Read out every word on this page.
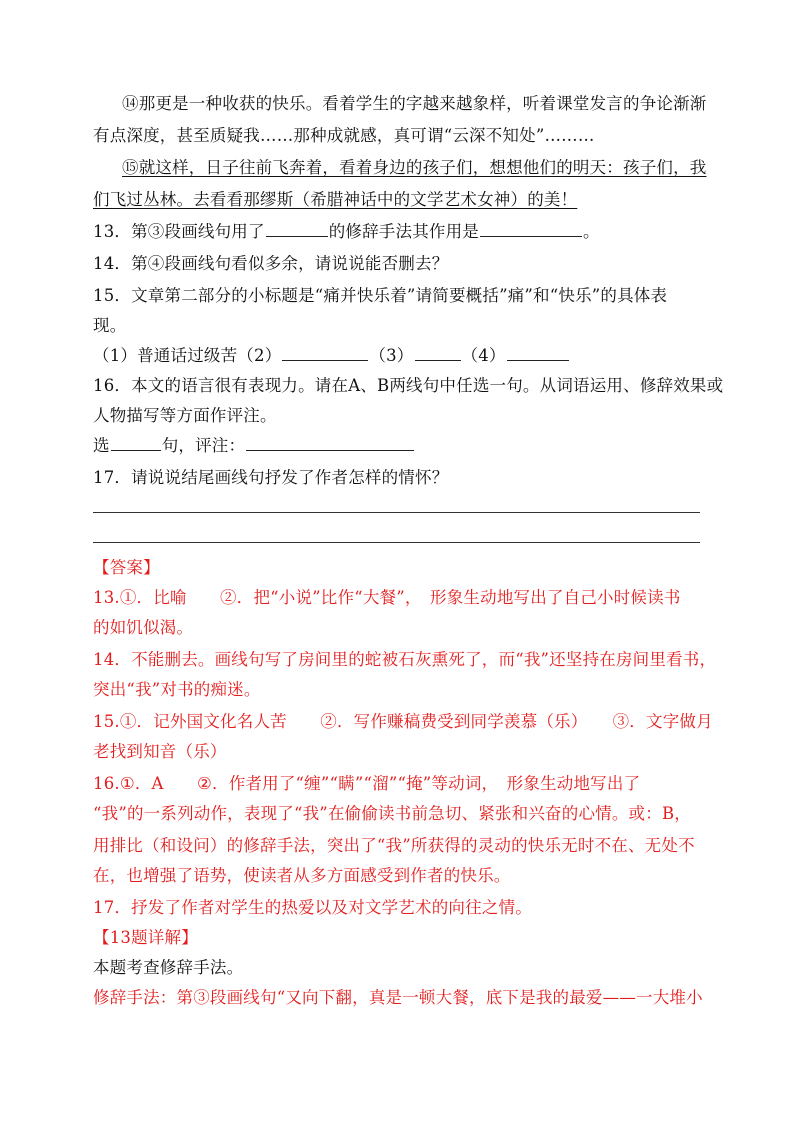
⑭那更是一种收获的快乐。看着学生的字越来越象样，听着课堂发言的争论渐渐
有点深度，甚至质疑我……那种成就感，真可谓“云深不知处”………
⑮就这样，日子往前飞奔着，看着身边的孩子们，想想他们的明天：孩子们，我
们飞过丛林。去看看那缪斯（希腊神话中的文学艺术女神）的美！
13．第③段画线句用了	的修辞手法其作用是	。
14．第④段画线句看似多余，请说说能否删去？
15．文章第二部分的小标题是“痛并快乐着”请简要概括”痛”和“快乐”的具体表
现。
（1）普通话过级苦（2）	（3）	（4）
16．本文的语言很有表现力。请在A、B两线句中任选一句。从词语运用、修辞效果或
人物描写等方面作评注。
选	句，评注：
17．请说说结尾画线句抒发了作者怎样的情怀？
【答案】
13.①．比喻　　②．把“小说”比作“大餐”，　形象生动地写出了自己小时候读书
的如饥似渴。
14．不能删去。画线句写了房间里的蛇被石灰熏死了，而“我”还坚持在房间里看书，
突出“我”对书的痴迷。
15.①．记外国文化名人苦　　②．写作赚稿费受到同学羡慕（乐）　　③．文字做月
老找到知音（乐）
16.①．A　　②．作者用了“缠”“瞒”“溜”“掩”等动词，　形象生动地写出了
“我”的一系列动作，表现了“我”在偷偷读书前急切、紧张和兴奋的心情。或：B，
用排比（和设问）的修辞手法，突出了“我”所获得的灵动的快乐无时不在、无处不
在，也增强了语势，使读者从多方面感受到作者的快乐。
17．抒发了作者对学生的热爱以及对文学艺术的向往之情。
【13题详解】
本题考查修辞手法。
修辞手法：第③段画线句“又向下翻，真是一顿大餐，底下是我的最爱——一大堆小
